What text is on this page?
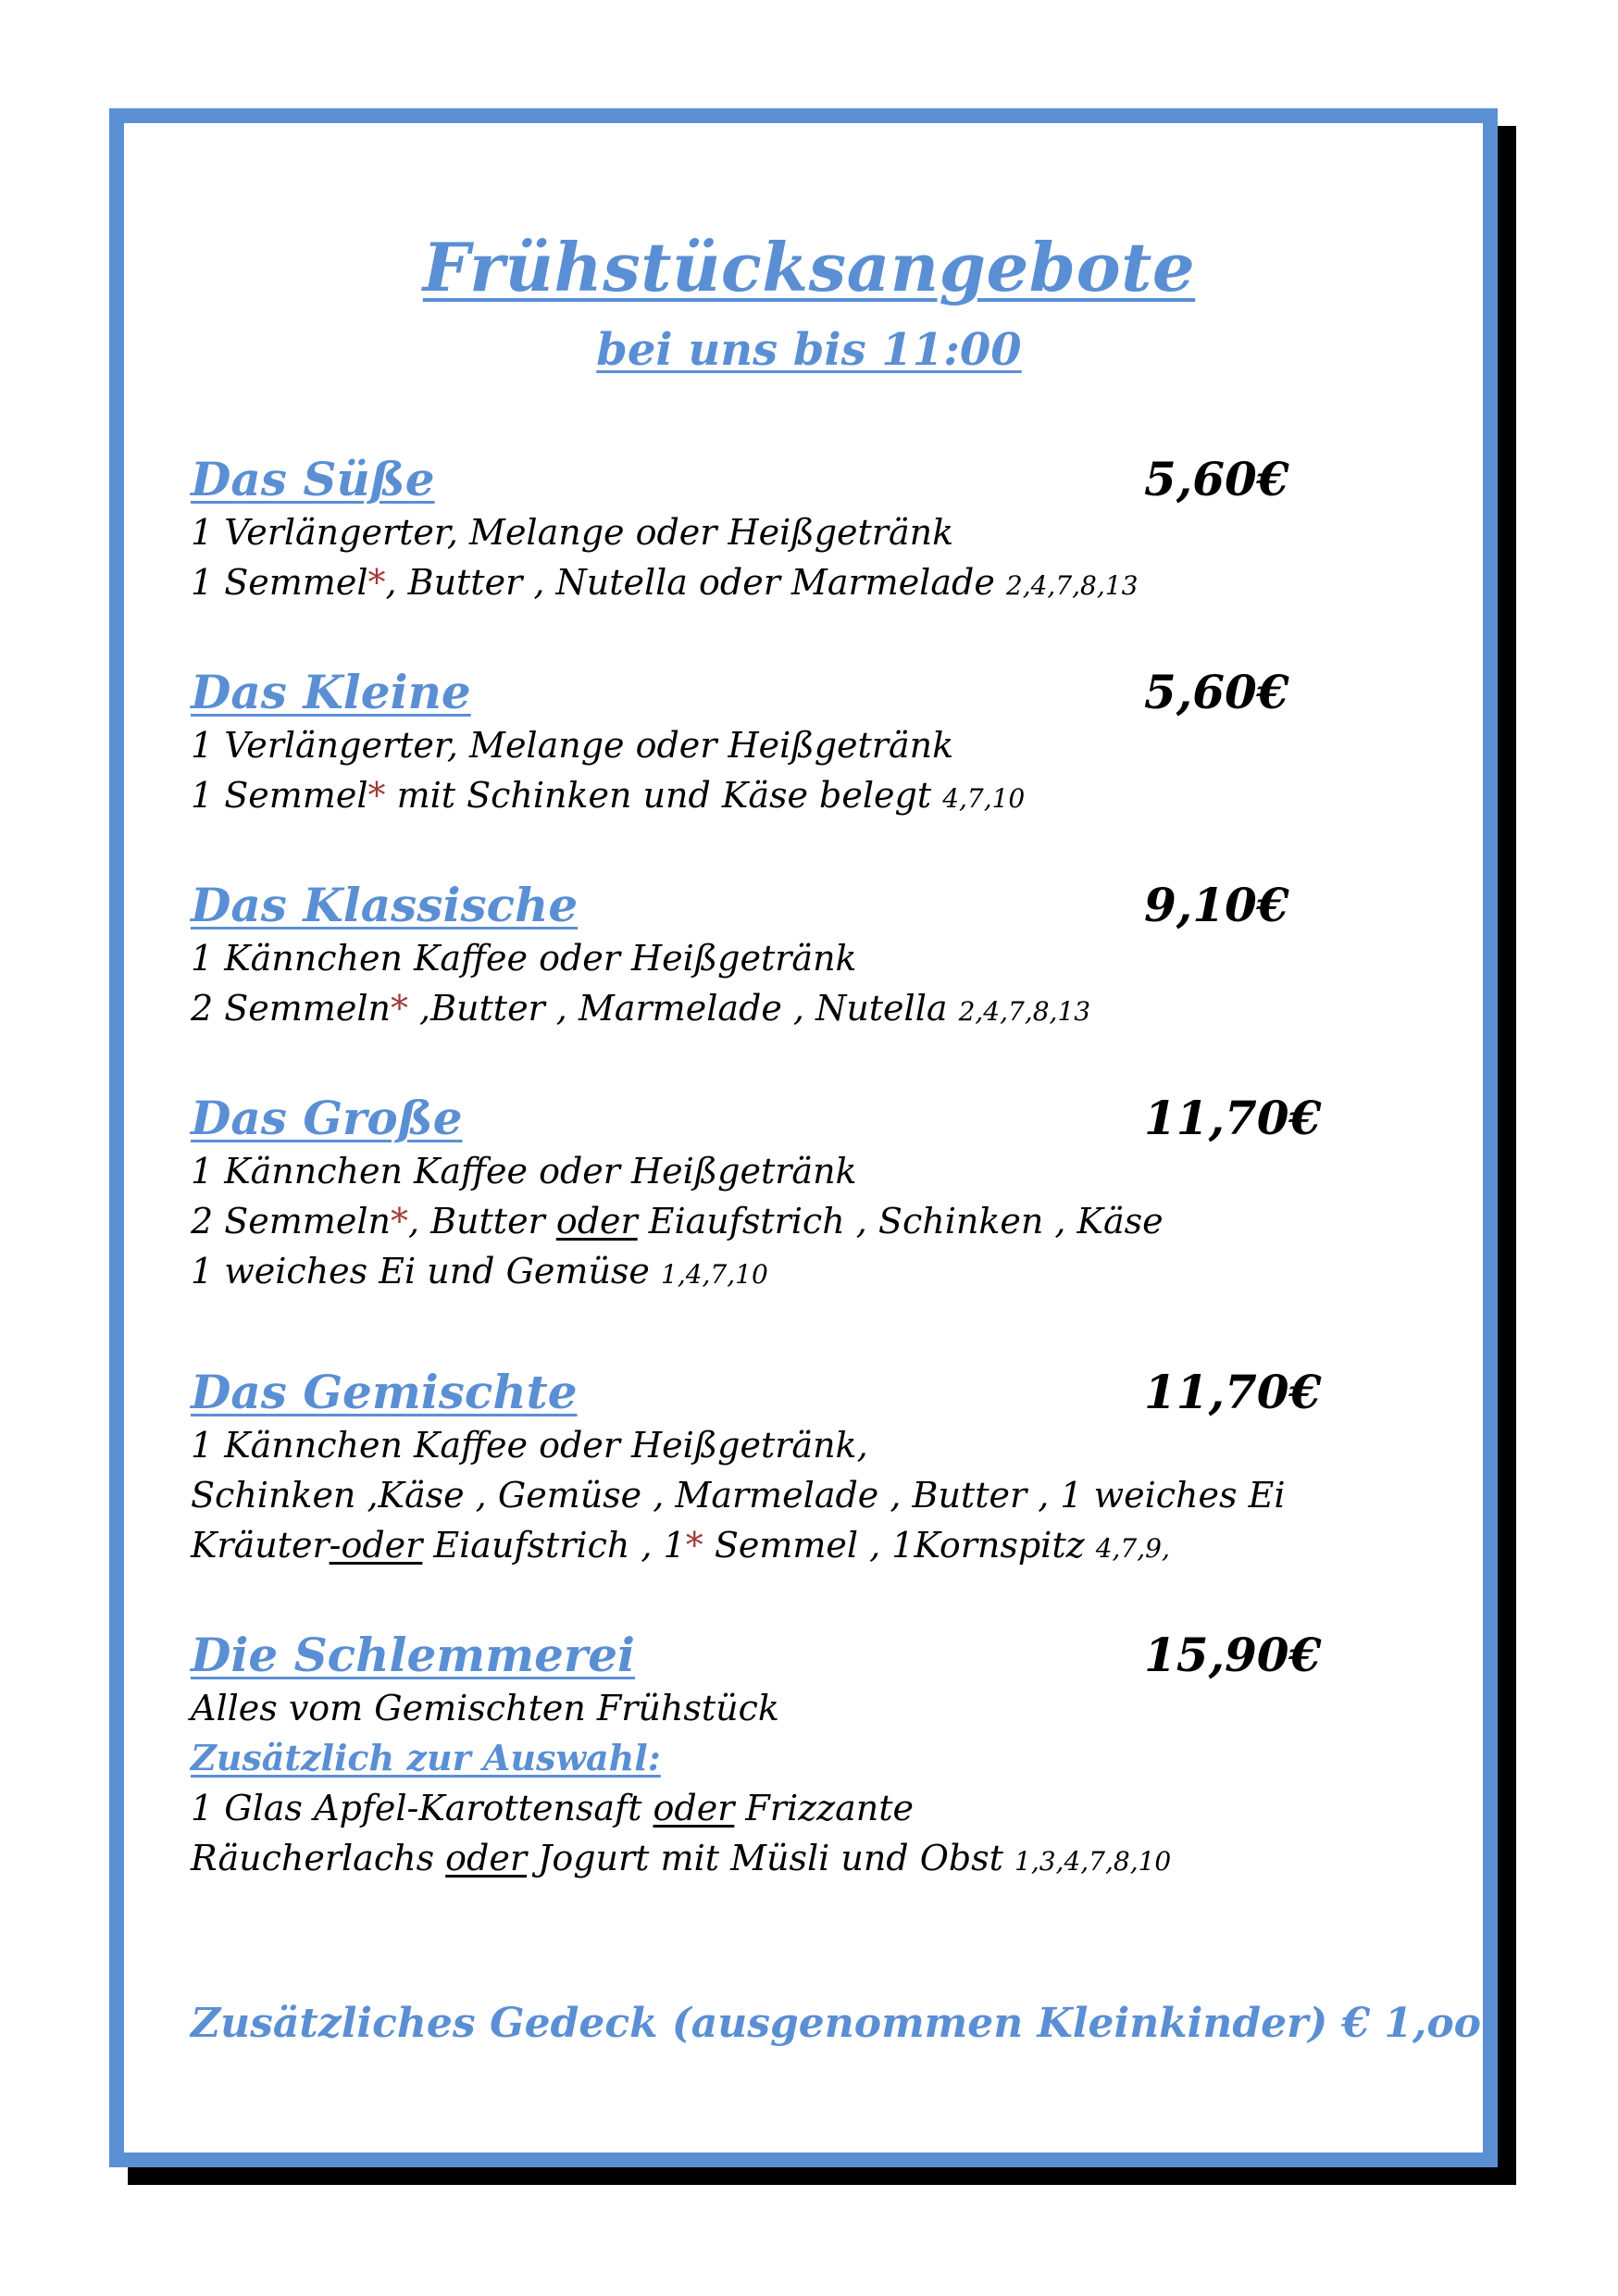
Frühstücksangebote
bei uns bis 11:00
Das Süße	5,60€
1 Verlängerter, Melange oder Heißgetränk
1 Semmel*, Butter , Nutella oder Marmelade 2,4,7,8,13
Das Kleine	5,60€
1 Verlängerter, Melange oder Heißgetränk
1 Semmel* mit Schinken und Käse belegt 4,7,10
Das Klassische	9,10€
1 Kännchen Kaffee oder Heißgetränk
2 Semmeln* ,Butter , Marmelade , Nutella 2,4,7,8,13
Das Große	11,70€
1 Kännchen Kaffee oder Heißgetränk
2 Semmeln*, Butter oder Eiaufstrich , Schinken , Käse
1 weiches Ei und Gemüse 1,4,7,10
Das Gemischte	11,70€
1 Kännchen Kaffee oder Heißgetränk,
Schinken ,Käse , Gemüse , Marmelade , Butter , 1 weiches Ei
Kräuter-oder Eiaufstrich , 1* Semmel , 1Kornspitz 4,7,9,
Die Schlemmerei	15,90€
Alles vom Gemischten Frühstück
Zusätzlich zur Auswahl:
1 Glas Apfel-Karottensaft oder Frizzante
Räucherlachs oder Jogurt mit Müsli und Obst 1,3,4,7,8,10
Zusätzliches Gedeck (ausgenommen Kleinkinder) € 1,oo
